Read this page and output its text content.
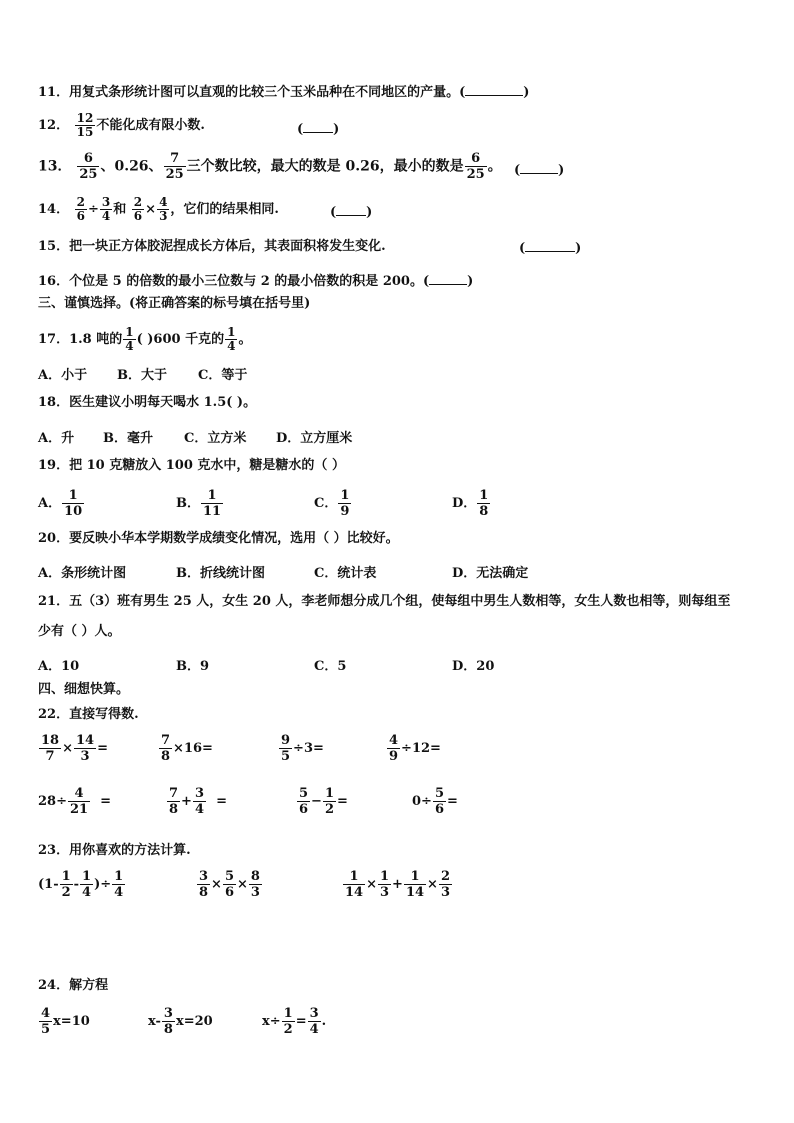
11．用复式条形统计图可以直观的比较三个玉米品种在不同地区的产量。(	)
12． $\frac{12}{15}$ 不能化成有限小数.	( )
13． $\frac{6}{25}$ 、0.26、 $\frac{7}{25}$ 三个数比较，最大的数是 0.26，最小的数是 $\frac{6}{25}$ 。 (	)
14． $\frac{2}{6} \div \frac{3}{4}$ 和 $\frac{2}{6} \times \frac{4}{3}$ ，它们的结果相同.	( )
15．把一块正方体胶泥捏成长方体后，其表面积将发生变化.	(	)
16．个位是 5 的倍数的最小三位数与 2 的最小倍数的积是 200。(	)
三、谨慎选择。(将正确答案的标号填在括号里)
17．1.8 吨的 $\frac{1}{4}$ ( )600 千克的 $\frac{1}{4}$ 。
A．小于 B．大于 C．等于
18．医生建议小明每天喝水 1.5( )。
A．升 B．毫升 C．立方米 D．立方厘米
19．把 10 克糖放入 100 克水中，糖是糖水的（ ）
A． $\frac{1}{10}$	B． $\frac{1}{11}$	C． $\frac{1}{9}$	D． $\frac{1}{8}$
20．要反映小华本学期数学成绩变化情况，选用（ ）比较好。
A．条形统计图	B．折线统计图	C．统计表	D．无法确定
21．五（3）班有男生 25 人，女生 20 人，李老师想分成几个组，使每组中男生人数相等，女生人数也相等，则每组至
少有（ ）人。
A．10	B．9	C．5	D．20
四、细想快算。
22．直接写得数.
$\frac{18}{7} \times \frac{14}{3}$ =	$\frac{7}{8} \times 16=$	$\frac{9}{5} \div 3=$	$\frac{4}{9} \div 12=$
$28\div \frac{4}{21}$ =	$\frac{7}{8} + \frac{3}{4}$ =	$\frac{5}{6} - \frac{1}{2}$ =	$0\div \frac{5}{6}$ =
23．用你喜欢的方法计算.
($1- \frac{1}{2} - \frac{1}{4}$ )÷ $\frac{1}{4}$	$\frac{3}{8} \times \frac{5}{6} \times \frac{8}{3}$	$\frac{1}{14} \times \frac{1}{3} + \frac{1}{14} \times \frac{2}{3}$
24．解方程
$\frac{4}{5} x=10$	$x- \frac{3}{8} x=20$	$x\div \frac{1}{2} = \frac{3}{4}$ .
